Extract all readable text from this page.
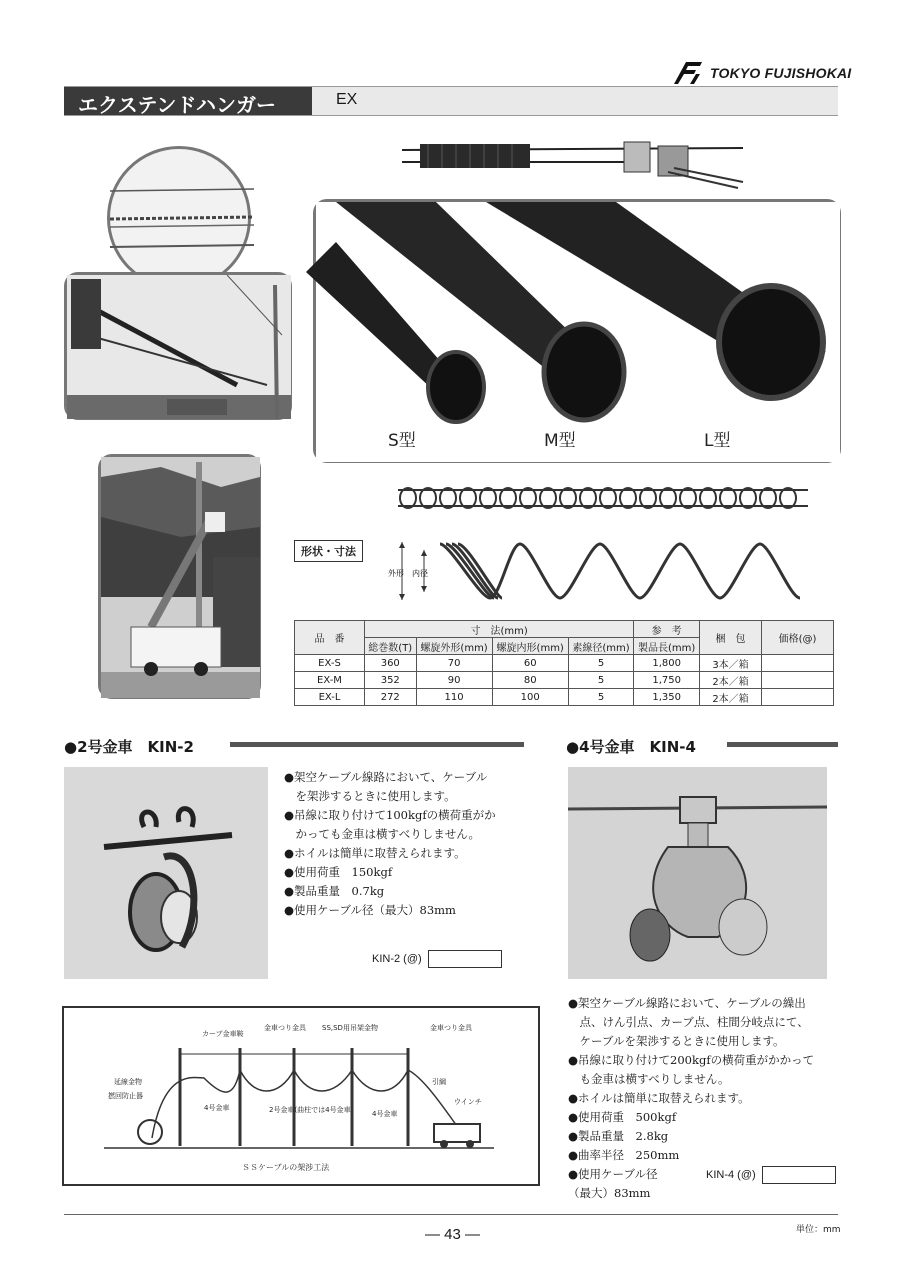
TOKYO FUJISHOKAI
エクステンドハンガー	EX
S型	M型	L型
形状・寸法
外形 内径
品　番	寸　法(mm)				参　考	梱　包	価格(@)
	総巻数(T)	螺旋外形(mm)	螺旋内形(mm)	素線径(mm)	製品長(mm)		
EX-S	360	70	60	5	1,800	3本／箱	
EX-M	352	90	80	5	1,750	2本／箱	
EX-L	272	110	100	5	1,350	2本／箱	
●2号金車　KIN-2	●4号金車　KIN-4
●架空ケーブル線路において、ケーブル
　を架渉するときに使用します。
●吊線に取り付けて100kgfの横荷重がか
　かっても金車は横すべりしません。
●ホイルは簡単に取替えられます。
●使用荷重　150kgf
●製品重量　0.7kg
●使用ケーブル径（最大）83mm
KIN-2 (@)
カーブ金車鞍
金車つり金具 SS,SD用吊架金物	金車つり金具
延線金物
撚回防止器
4号金車	2号金車(曲柱では4号金車)	4号金車
引綱
ウインチ
ＳＳケーブルの架渉工法
●架空ケーブル線路において、ケーブルの繰出
　点、けん引点、カーブ点、柱間分岐点にて、
　ケーブルを架渉するときに使用します。
●吊線に取り付けて200kgfの横荷重がかかって
　も金車は横すべりしません。
●ホイルは簡単に取替えられます。
●使用荷重　500kgf
●製品重量　2.8kg
●曲率半径　250mm
●使用ケーブル径
（最大）83mm
KIN-4 (@)
単位：mm
— 43 —
